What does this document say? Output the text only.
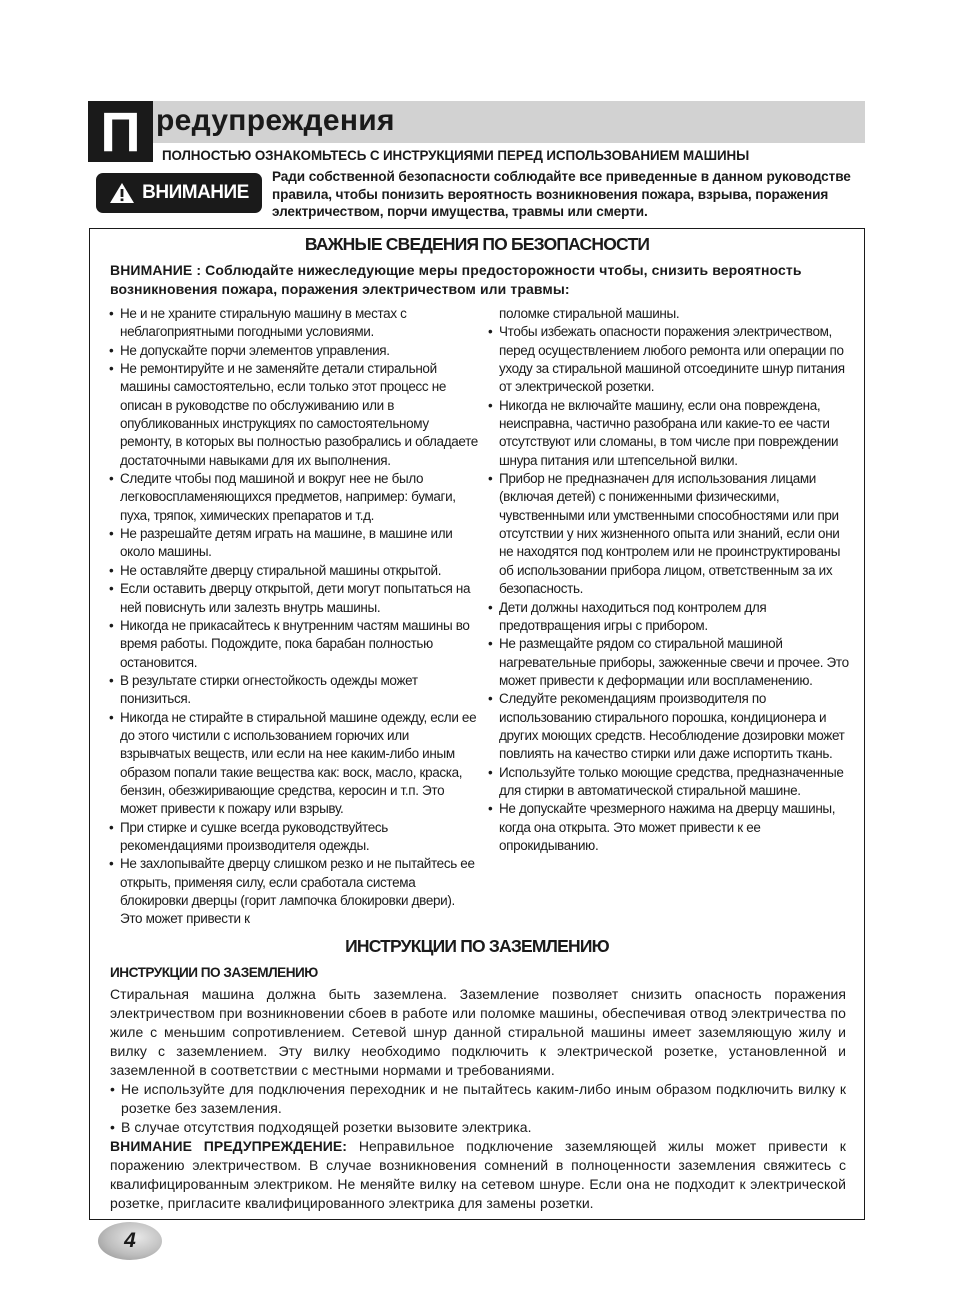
П редупреждения
ПОЛНОСТЬЮ ОЗНАКОМЬТЕСЬ С ИНСТРУКЦИЯМИ ПЕРЕД ИСПОЛЬЗОВАНИЕМ МАШИНЫ
ВНИМАНИЕ
Ради собственной безопасности соблюдайте все приведенные в данном руководстве правила, чтобы понизить вероятность возникновения пожара, взрыва, поражения электричеством, порчи имущества, травмы или смерти.
ВАЖНЫЕ СВЕДЕНИЯ ПО БЕЗОПАСНОСТИ
ВНИМАНИЕ : Соблюдайте нижеследующие меры предосторожности чтобы, снизить вероятность возникновения пожара, поражения электричеством или травмы:
• Не и не храните стиральную машину в местах с неблагоприятными погодными условиями.
• Не допускайте порчи элементов управления.
• Не ремонтируйте и не заменяйте детали стиральной машины самостоятельно, если только этот процесс не описан в руководстве по обслуживанию или в опубликованных инструкциях по самостоятельному ремонту, в которых вы полностью разобрались и обладаете достаточными навыками для их выполнения.
• Следите чтобы под машиной и вокруг нее не было легковоспламеняющихся предметов, например: бумаги, пуха, тряпок, химических препаратов и т.д.
• Не разрешайте детям играть на машине, в машине или около машины.
• Не оставляйте дверцу стиральной машины открытой.
• Если оставить дверцу открытой, дети могут попытаться на ней повиснуть или залезть внутрь машины.
• Никогда не прикасайтесь к внутренним частям машины во время работы. Подождите, пока барабан полностью остановится.
• В результате стирки огнестойкость одежды может понизиться.
• Никогда не стирайте в стиральной машине одежду, если ее до этого чистили с использованием горючих или взрывчатых веществ, или если на нее каким-либо иным образом попали такие вещества как: воск, масло, краска, бензин, обезжиривающие средства, керосин и т.п. Это может привести к пожару или взрыву.
• При стирке и сушке всегда руководствуйтесь рекомендациями производителя одежды.
• Не захлопывайте дверцу слишком резко и не пытайтесь ее открыть, применяя силу, если сработала система блокировки дверцы (горит лампочка блокировки двери). Это может привести к
поломке стиральной машины.
• Чтобы избежать опасности поражения электричеством, перед осуществлением любого ремонта или операции по уходу за стиральной машиной отсоедините шнур питания от электрической розетки.
• Никогда не включайте машину, если она повреждена, неисправна, частично разобрана или какие-то ее части отсутствуют или сломаны, в том числе при повреждении шнура питания или штепсельной вилки.
• Прибор не предназначен для использования лицами (включая детей) с пониженными физическими, чувственными или умственными способностями или при отсутствии у них жизненного опыта или знаний, если они не находятся под контролем или не проинструктированы об использовании прибора лицом, ответственным за их безопасность.
• Дети должны находиться под контролем для предотвращения игры с прибором.
• Не размещайте рядом со стиральной машиной нагревательные приборы, зажженные свечи и прочее. Это может привести к деформации или воспламенению.
• Следуйте рекомендациям производителя по использованию стирального порошка, кондиционера и других моющих средств. Несоблюдение дозировки может повлиять на качество стирки или даже испортить ткань.
• Используйте только моющие средства, предназначенные для стирки в автоматической стиральной машине.
• Не допускайте чрезмерного нажима на дверцу машины, когда она открыта. Это может привести к ее опрокидыванию.
ИНСТРУКЦИИ ПО ЗАЗЕМЛЕНИЮ
ИНСТРУКЦИИ ПО ЗАЗЕМЛЕНИЮ

Стиральная машина должна быть заземлена. Заземление позволяет снизить опасность поражения электричеством при возникновении сбоев в работе или поломке машины, обеспечивая отвод электричества по жиле с меньшим сопротивлением. Сетевой шнур данной стиральной машины имеет заземляющую жилу и вилку с заземлением. Эту вилку необходимо подключить к электрической розетке, установленной и заземленной в соответствии с местными нормами и требованиями.

• Не используйте для подключения переходник и не пытайтесь каким-либо иным образом подключить вилку к розетке без заземления.
• В случае отсутствия подходящей розетки вызовите электрика.

ВНИМАНИЕ ПРЕДУПРЕЖДЕНИЕ: Неправильное подключение заземляющей жилы может привести к поражению электричеством. В случае возникновения сомнений в полноценности заземления свяжитесь с квалифицированным электриком. Не меняйте вилку на сетевом шнуре. Если она не подходит к электрической розетке, пригласите квалифицированного электрика для замены розетки.

4
